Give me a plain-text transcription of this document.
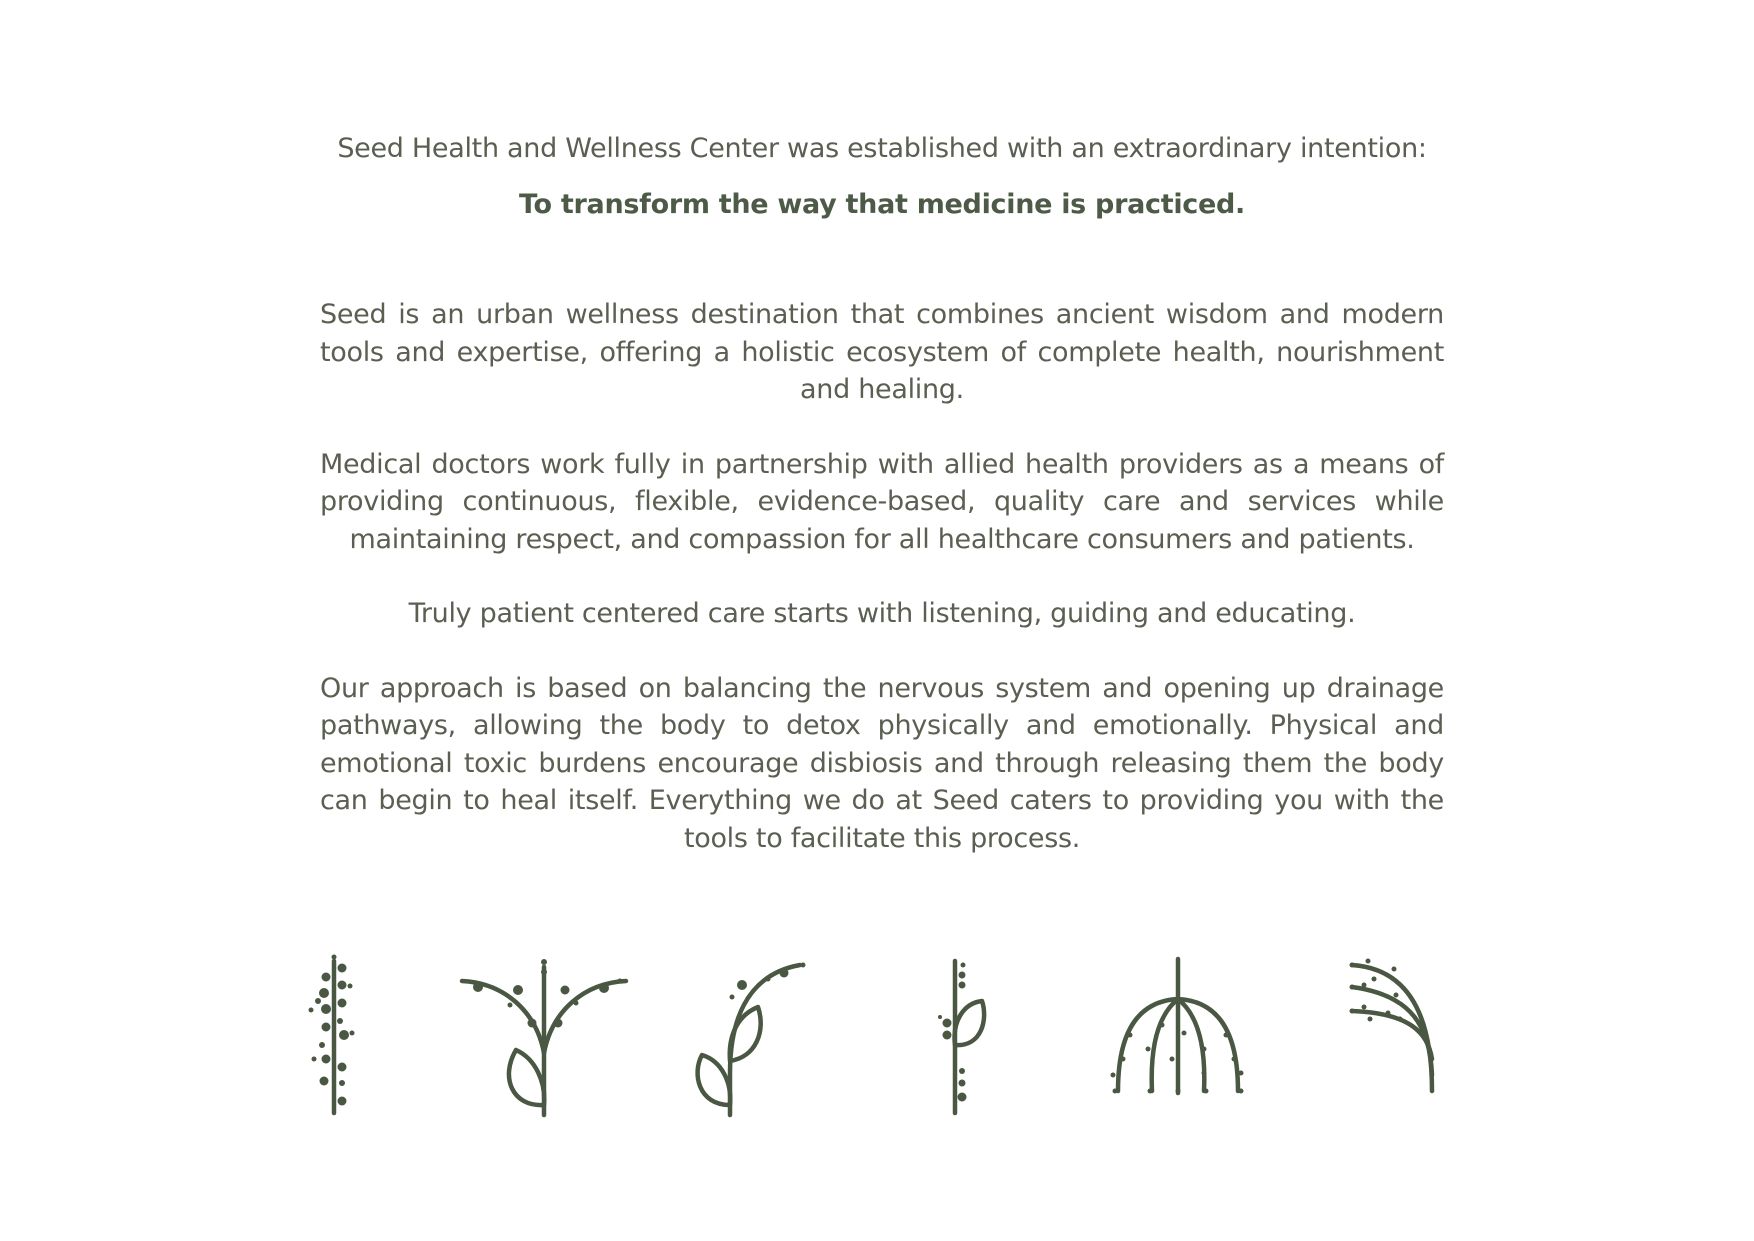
Seed Health and Wellness Center was established with an extraordinary intention:

To transform the way that medicine is practiced.

Seed is an urban wellness destination that combines ancient wisdom and modern tools and expertise, offering a holistic ecosystem of complete health, nourishment and healing.

Medical doctors work fully in partnership with allied health providers as a means of providing continuous, flexible, evidence-based, quality care and services while maintaining respect, and compassion for all healthcare consumers and patients.

Truly patient centered care starts with listening, guiding and educating.

Our approach is based on balancing the nervous system and opening up drainage pathways, allowing the body to detox physically and emotionally. Physical and emotional toxic burdens encourage disbiosis and through releasing them the body can begin to heal itself. Everything we do at Seed caters to providing you with the tools to facilitate this process.
